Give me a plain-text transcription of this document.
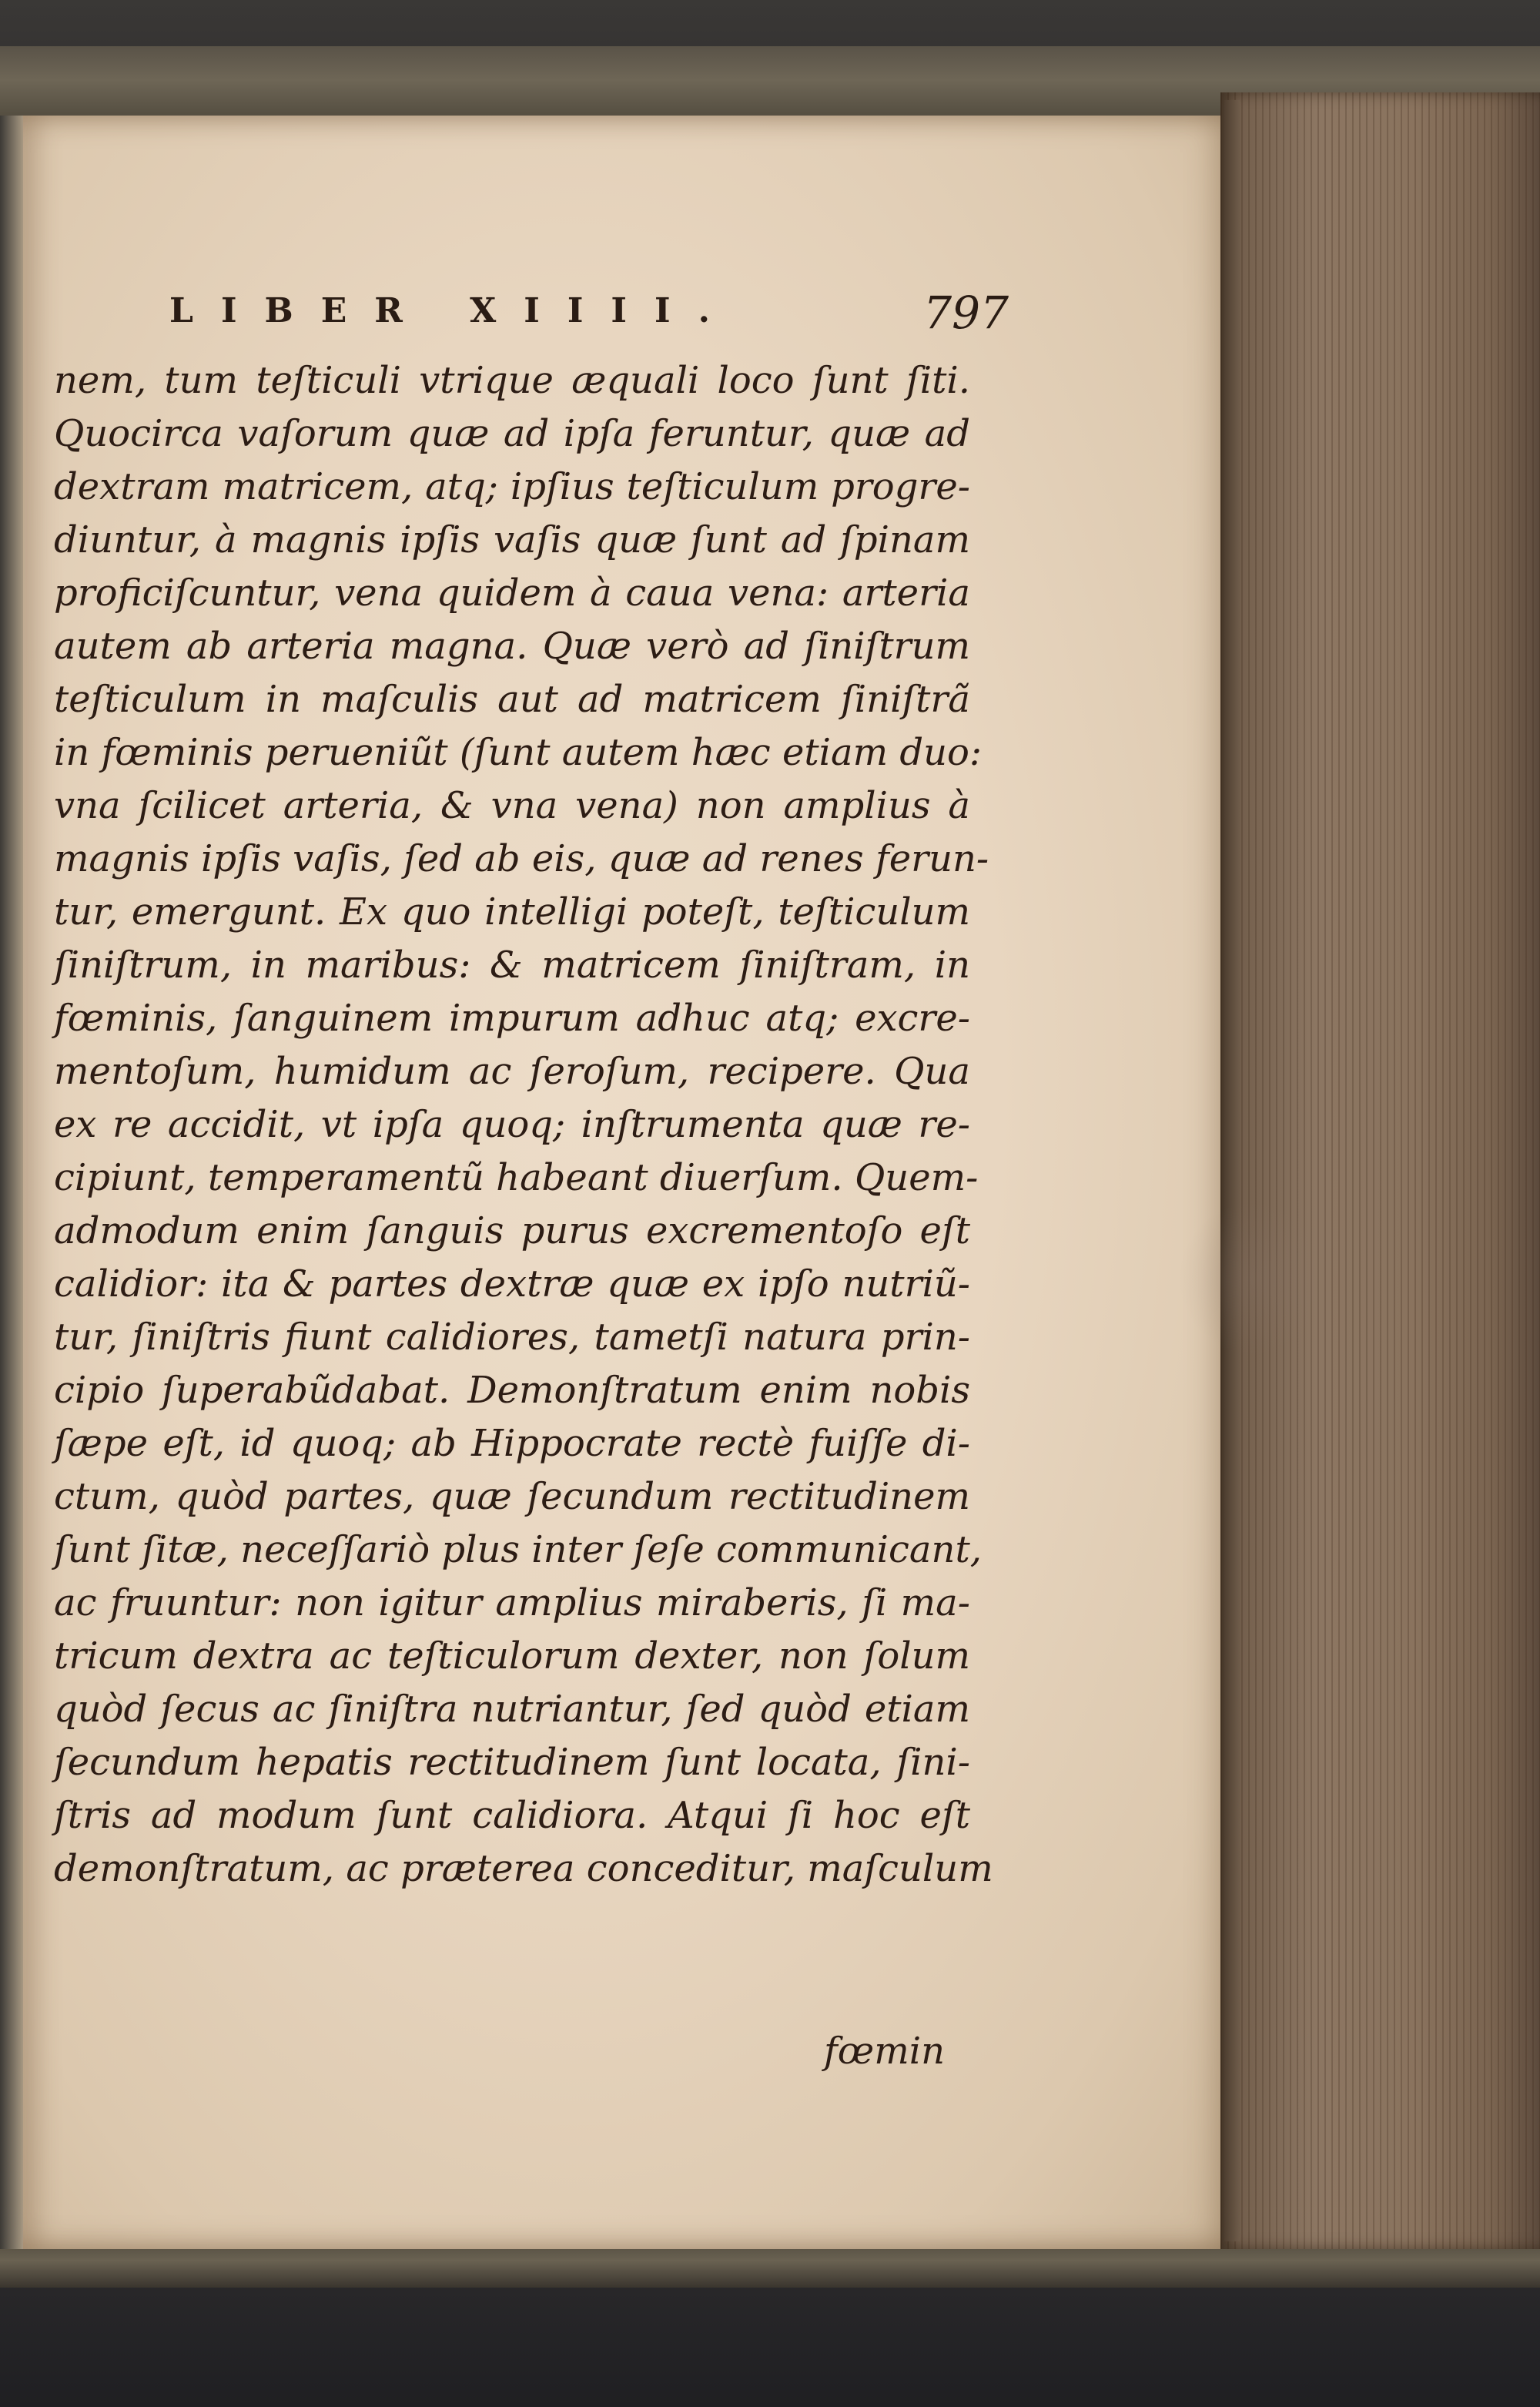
LIBER XIIII.	797
nem, tum teſticuli vtrique æquali loco ſunt ſiti.
Quocirca vaſorum quæ ad ipſa feruntur, quæ ad
dextram matricem, atq; ipſius teſticulum progre-
diuntur, à magnis ipſis vaſis quæ ſunt ad ſpinam
proficiſcuntur, vena quidem à caua vena: arteria
autem ab arteria magna. Quæ verò ad ſiniſtrum
teſticulum in maſculis aut ad matricem ſiniſtrã
in fœminis perueniũt (ſunt autem hæc etiam duo:
vna ſcilicet arteria, & vna vena) non amplius à
magnis ipſis vaſis, ſed ab eis, quæ ad renes ferun-
tur, emergunt. Ex quo intelligi poteſt, teſticulum
ſiniſtrum, in maribus: & matricem ſiniſtram, in
fœminis, ſanguinem impurum adhuc atq; excre-
mentoſum, humidum ac ſeroſum, recipere. Qua
ex re accidit, vt ipſa quoq; inſtrumenta quæ re-
cipiunt, temperamentũ habeant diuerſum. Quem-
admodum enim ſanguis purus excrementoſo eſt
calidior: ita & partes dextræ quæ ex ipſo nutriũ-
tur, ſiniſtris fiunt calidiores, tametſi natura prin-
cipio ſuperabũdabat. Demonſtratum enim nobis
ſæpe eſt, id quoq; ab Hippocrate rectè fuiſſe di-
ctum, quòd partes, quæ ſecundum rectitudinem
ſunt ſitæ, neceſſariò plus inter ſeſe communicant,
ac fruuntur: non igitur amplius miraberis, ſi ma-
tricum dextra ac teſticulorum dexter, non ſolum
quòd ſecus ac ſiniſtra nutriantur, ſed quòd etiam
ſecundum hepatis rectitudinem ſunt locata, ſini-
ſtris ad modum ſunt calidiora. Atqui ſi hoc eſt
demonſtratum, ac præterea conceditur, maſculum
fœmin
